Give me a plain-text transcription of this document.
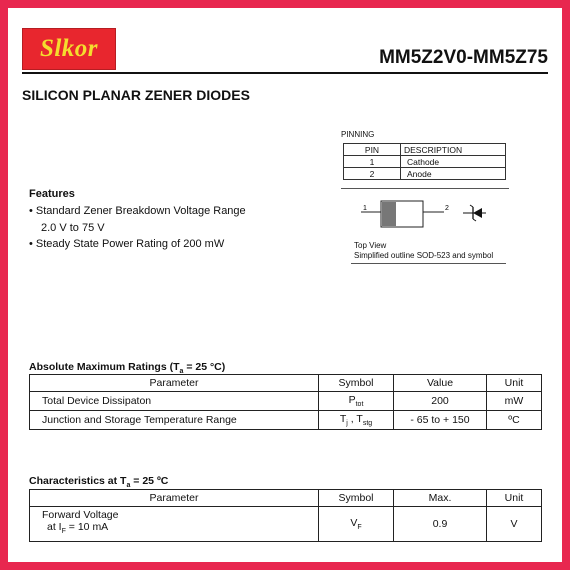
Slkor	MM5Z2V0-MM5Z75
SILICON PLANAR ZENER DIODES
PINNING
PIN	DESCRIPTION
1	Cathode
2	Anode
1	2
Top View
Simplified outline SOD-523 and symbol
Features
• Standard Zener Breakdown Voltage Range
2.0 V to 75 V
• Steady State Power Rating of 200 mW
Absolute Maximum Ratings ($T_a = 25$ °C)
Parameter	Symbol	Value	Unit
Total Device Dissipaton	$P_{tot}$	200	mW
Junction and Storage Temperature Range	$T_j$ , $T_{stg}$	- 65 to + 150	ºC
Characteristics at $T_a = 25$ ºC
Parameter	Symbol	Max.	Unit

Forward Voltage
at $I_F = 10$ mA	$V_F$	0.9	V
